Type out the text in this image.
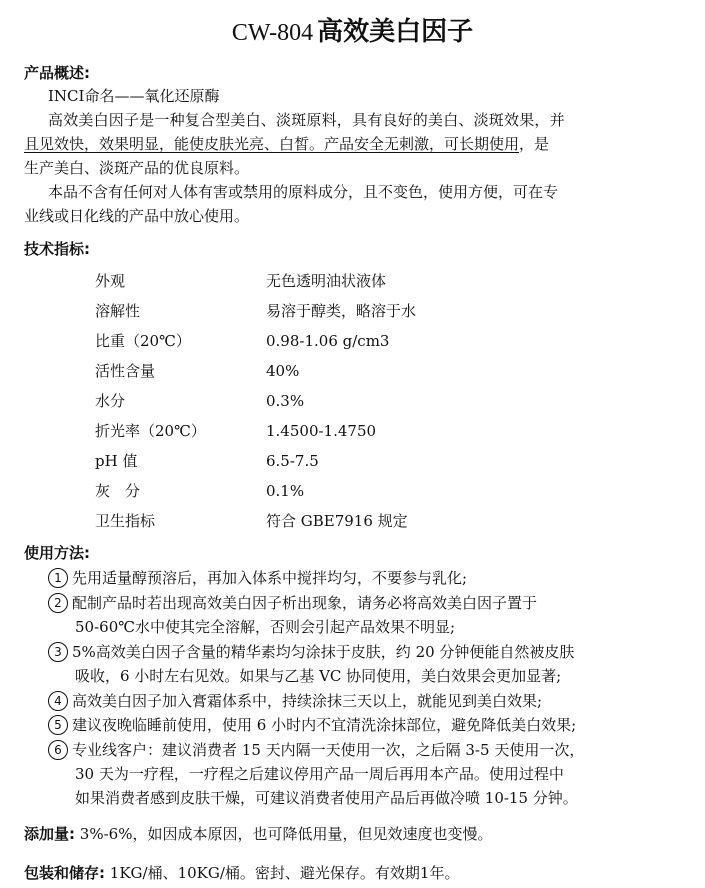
CW-804 高效美白因子
产品概述:
INCI命名——氧化还原酶
高效美白因子是一种复合型美白、淡斑原料，具有良好的美白、淡斑效果，并
且见效快，效果明显，能使皮肤光亮、白皙。产品安全无刺激，可长期使用，是
生产美白、淡斑产品的优良原料。
本品不含有任何对人体有害或禁用的原料成分，且不变色，使用方便，可在专
业线或日化线的产品中放心使用。
技术指标:
外观	无色透明油状液体
溶解性	易溶于醇类，略溶于水
比重（20℃）	0.98-1.06 g/cm3
活性含量	40%
水分	0.3%
折光率（20℃）	1.4500-1.4750
pH 值	6.5-7.5
灰　分	0.1%
卫生指标	符合 GBE7916 规定
使用方法:
1 先用适量醇预溶后，再加入体系中搅拌均匀，不要参与乳化;
2 配制产品时若出现高效美白因子析出现象，请务必将高效美白因子置于
50-60℃水中使其完全溶解，否则会引起产品效果不明显;
3 5%高效美白因子含量的精华素均匀涂抹于皮肤，约 20 分钟便能自然被皮肤
吸收，6 小时左右见效。如果与乙基 VC 协同使用，美白效果会更加显著;
4 高效美白因子加入膏霜体系中，持续涂抹三天以上，就能见到美白效果;
5 建议夜晚临睡前使用，使用 6 小时内不宜清洗涂抹部位，避免降低美白效果;
6 专业线客户：建议消费者 15 天内隔一天使用一次，之后隔 3-5 天使用一次，
30 天为一疗程，一疗程之后建议停用产品一周后再用本产品。使用过程中
如果消费者感到皮肤干燥，可建议消费者使用产品后再做冷喷 10-15 分钟。
添加量: 3%-6%，如因成本原因，也可降低用量，但见效速度也变慢。
包装和储存: 1KG/桶、10KG/桶。密封、避光保存。有效期1年。
